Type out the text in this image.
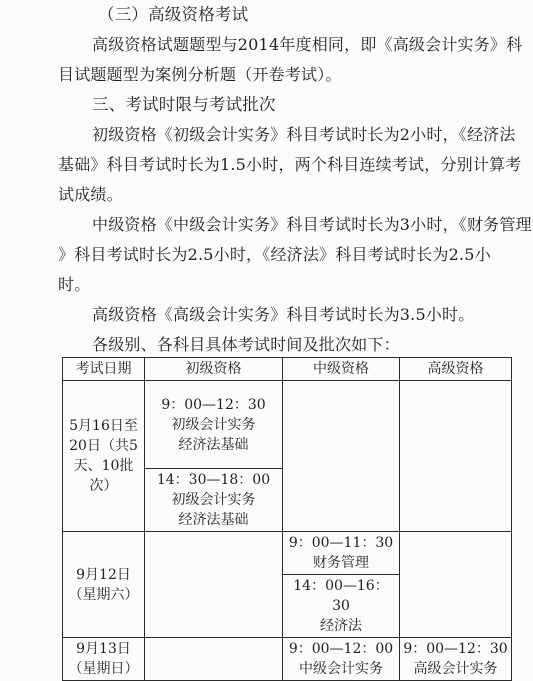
（三）高级资格考试
高级资格试题题型与2014年度相同，即《高级会计实务》科
目试题题型为案例分析题（开卷考试）。
三、考试时限与考试批次
初级资格《初级会计实务》科目考试时长为2小时，《经济法
基础》科目考试时长为1.5小时，两个科目连续考试，分别计算考
试成绩。
中级资格《中级会计实务》科目考试时长为3小时，《财务管理
》科目考试时长为2.5小时，《经济法》科目考试时长为2.5小
时。
高级资格《高级会计实务》科目考试时长为3.5小时。
各级别、各科目具体考试时间及批次如下：
考试日期	初级资格	中级资格	高级资格

5月16日至
20日（共5
天、10批
次）	9：00—12：30
初级会计实务
经济法基础		

	14：30—18：00
初级会计实务
经济法基础		

9月12日
（星期六）		9：00—11：30
财务管理	

		14：00—16：30
经济法	

9月13日
（星期日）		9：00—12：00
中级会计实务	9：00—12：30
高级会计实务
